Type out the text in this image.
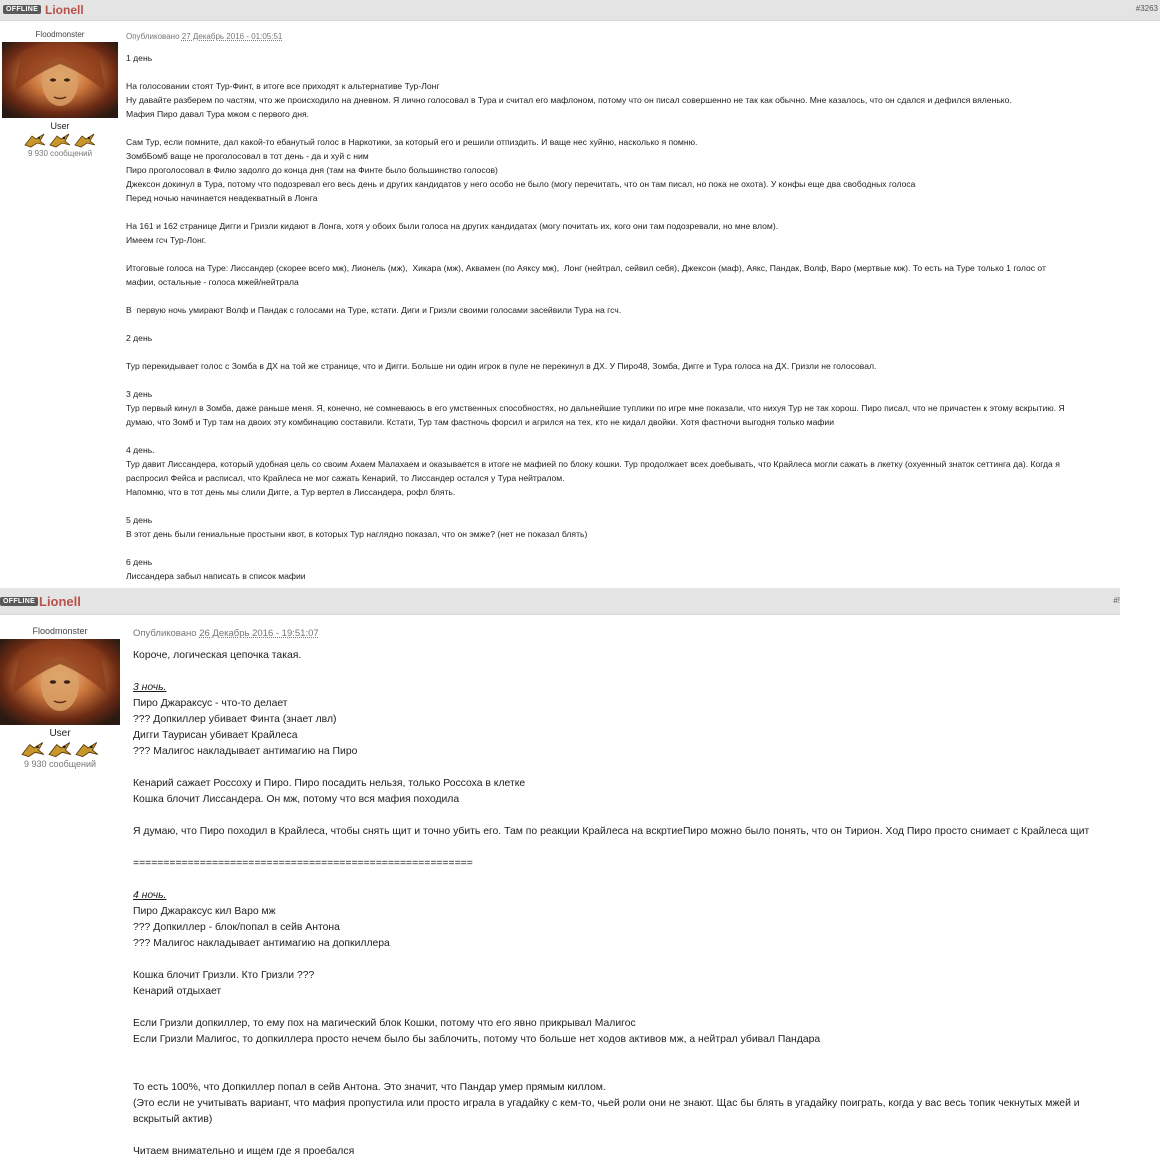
OFFLINE Lionell	#3263
Floodmonster
User
9 930 сообщений
Опубликовано 27 Декабрь 2016 - 01:05:51
1 день
На голосовании стоят Тур-Финт, в итоге все приходят к альтернативе Тур-Лонг
Ну давайте разберем по частям, что же происходило на дневном. Я лично голосовал в Тура и считал его мафлоном, потому что он писал совершенно не так как обычно. Мне казалось, что он сдался и дефился вяленько.
Мафия Пиро давал Тура мжом с первого дня.
Сам Тур, если помните, дал какой-то ебанутый голос в Наркотики, за который его и решили отпиздить. И ваще нес хуйню, насколько я помню.
ЗомбБомб ваще не проголосовал в тот день - да и хуй с ним
Пиро проголосовал в Филю задолго до конца дня (там на Финте было большинство голосов)
Джексон докинул в Тура, потому что подозревал его весь день и других кандидатов у него особо не было (могу перечитать, что он там писал, но пока не охота). У конфы еще два свободных голоса
Перед ночью начинается неадекватный в Лонга
На 161 и 162 странице Дигги и Гризли кидают в Лонга, хотя у обоих были голоса на других кандидатах (могу почитать их, кого они там подозревали, но мне влом).
Имеем гсч Тур-Лонг.
Итоговые голоса на Туре: Лиссандер (скорее всего мж), Лионель (мж),  Хикара (мж), Аквамен (по Аяксу мж),  Лонг (нейтрал, сейвил себя), Джексон (маф), Аякс, Пандак, Волф, Варо (мертвые мж). То есть на Туре только 1 голос от
мафии, остальные - голоса мжей/нейтрала
В  первую ночь умирают Волф и Пандак с голосами на Туре, кстати. Диги и Гризли своими голосами засейвили Тура на гсч.
2 день
Тур перекидывает голос с Зомба в ДХ на той же странице, что и Дигги. Больше ни один игрок в пуле не перекинул в ДХ. У Пиро48, Зомба, Дигге и Тура голоса на ДХ. Гризли не голосовал.
3 день
Тур первый кинул в Зомба, даже раньше меня. Я, конечно, не сомневаюсь в его умственных способностях, но дальнейшие туплики по игре мне показали, что нихуя Тур не так хорош. Пиро писал, что не причастен к этому вскрытию. Я
думаю, что Зомб и Тур там на двоих эту комбинацию составили. Кстати, Тур там фастночь форсил и агрился на тех, кто не кидал двойки. Хотя фастночи выгодня только мафии
4 день.
Тур давит Лиссандера, который удобная цель со своим Ахаем Малахаем и оказывается в итоге не мафией по блоку кошки. Тур продолжает всех доебывать, что Крайлеса могли сажать в лкетку (охуенный знаток сеттинга да). Когда я
распросил Фейса и расписал, что Крайлеса не мог сажать Кенарий, то Лиссандер остался у Тура нейтралом.
Напомню, что в тот день мы слили Дигге, а Тур вертел в Лиссандера, рофл блять.
5 день
В этот день были гениальные простыни квот, в которых Тур наглядно показал, что он эмже? (нет не показал блять)
6 день
Лиссандера забыл написать в список мафии
OFFLINE Lionell	#!
Floodmonster
User
9 930 сообщений
Опубликовано 26 Декабрь 2016 - 19:51:07
Короче, логическая цепочка такая.
3 ночь.
Пиро Джараксус - что-то делает
??? Допкиллер убивает Финта (знает лвл)
Дигги Таурисан убивает Крайлеса
??? Малигос накладывает антимагию на Пиро
Кенарий сажает Россоху и Пиро. Пиро посадить нельзя, только Россоха в клетке
Кошка блочит Лиссандера. Он мж, потому что вся мафия походила
Я думаю, что Пиро походил в Крайлеса, чтобы снять щит и точно убить его. Там по реакции Крайлеса на вскртиеПиро можно было понять, что он Тирион. Ход Пиро просто снимает с Крайлеса щит
========================================================
4 ночь.
Пиро Джараксус кил Варо мж
??? Допкиллер - блок/попал в сейв Антона
??? Малигос накладывает антимагию на допкиллера
Кошка блочит Гризли. Кто Гризли ???
Кенарий отдыхает
Если Гризли допкиллер, то ему пох на магический блок Кошки, потому что его явно прикрывал Малигос
Если Гризли Малигос, то допкиллера просто нечем было бы заблочить, потому что больше нет ходов активов мж, а нейтрал убивал Пандара
То есть 100%, что Допкиллер попал в сейв Антона. Это значит, что Пандар умер прямым киллом.
(Это если не учитывать вариант, что мафия пропустила или просто играла в угадайку с кем-то, чьей роли они не знают. Щас бы блять в угадайку поиграть, когда у вас весь топик чекнутых мжей и
вскрытый актив)
Читаем внимательно и ищем где я проебался
